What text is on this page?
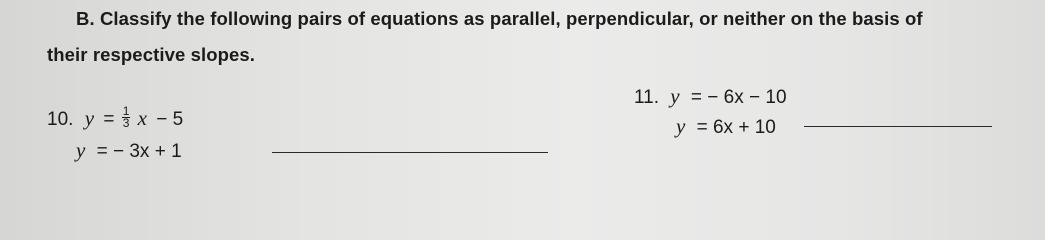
B. Classify the following pairs of equations as parallel, perpendicular, or neither on the basis of
their respective slopes.
10. $y = \frac{1}{3}$ x − 5
y = − 3x + 1
11. y = − 6x − 10
y = 6x + 10
